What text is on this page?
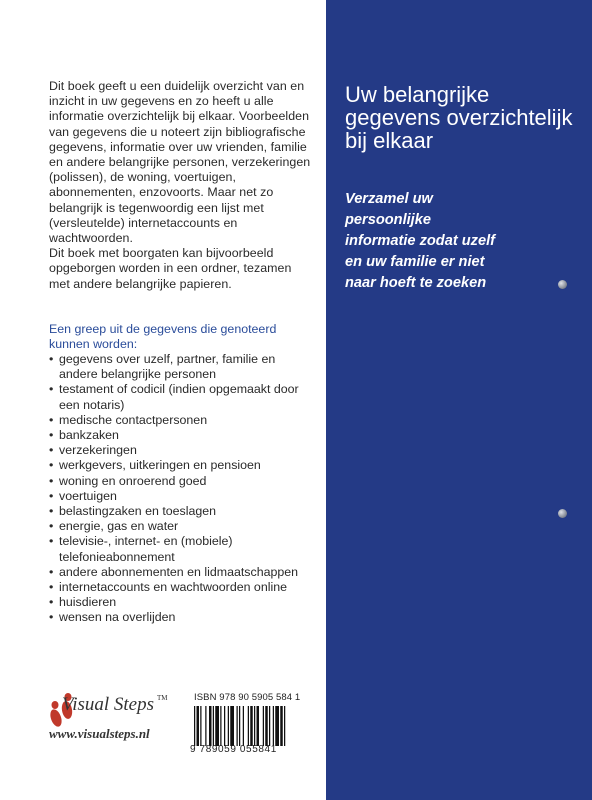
Dit boek geeft u een duidelijk overzicht van en inzicht in uw gegevens en zo heeft u alle informatie overzichtelijk bij elkaar. Voorbeelden van gegevens die u noteert zijn bibliografische gegevens, informatie over uw vrienden, familie en andere belangrijke personen, verzekeringen (polissen), de woning, voertuigen, abonnementen, enzovoorts. Maar net zo belangrijk is tegenwoordig een lijst met (versleutelde) internetaccounts en wachtwoorden.

Dit boek met boorgaten kan bijvoorbeeld opgeborgen worden in een ordner, tezamen met andere belangrijke papieren.

Een greep uit de gegevens die genoteerd kunnen worden:
• gegevens over uzelf, partner, familie en andere belangrijke personen
• testament of codicil (indien opgemaakt door een notaris)
• medische contactpersonen
• bankzaken
• verzekeringen
• werkgevers, uitkeringen en pensioen
• woning en onroerend goed
• voertuigen
• belastingzaken en toeslagen
• energie, gas en water
• televisie-, internet- en (mobiele) telefonieabonnement
• andere abonnementen en lidmaatschappen
• internetaccounts en wachtwoorden online
• huisdieren
• wensen na overlijden
Uw belangrijke gegevens overzichtelijk bij elkaar
Verzamel uw persoonlijke informatie zodat uzelf en uw familie er niet naar hoeft te zoeken
Visual Steps TM
www.visualsteps.nl
ISBN 978 90 5905 584 1
9 789059 055841
